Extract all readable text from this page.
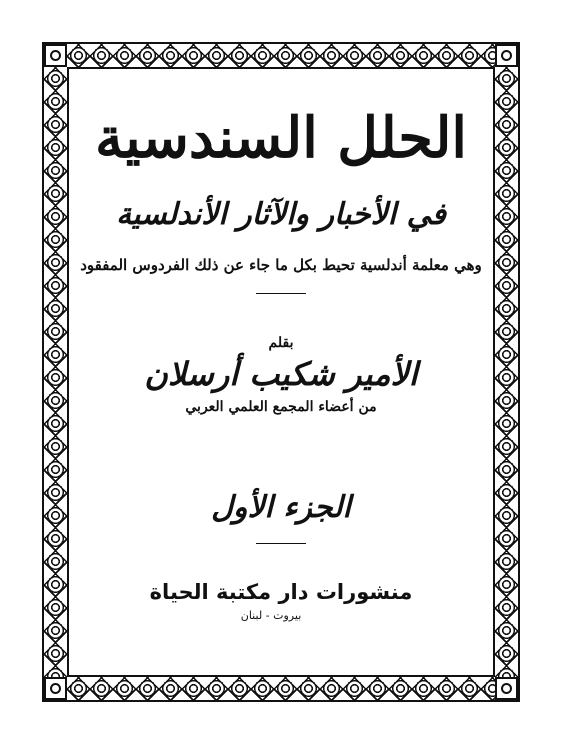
الحلل السندسية
في الأخبار والآثار الأندلسية
وهي معلمة أندلسية تحيط بكل ما جاء عن ذلك الفردوس المفقود
بقلم
الأمير شكيب أرسلان
من أعضاء المجمع العلمي العربي
الجزء الأول
منشورات دار مكتبة الحياة
بيروت - لبنان
